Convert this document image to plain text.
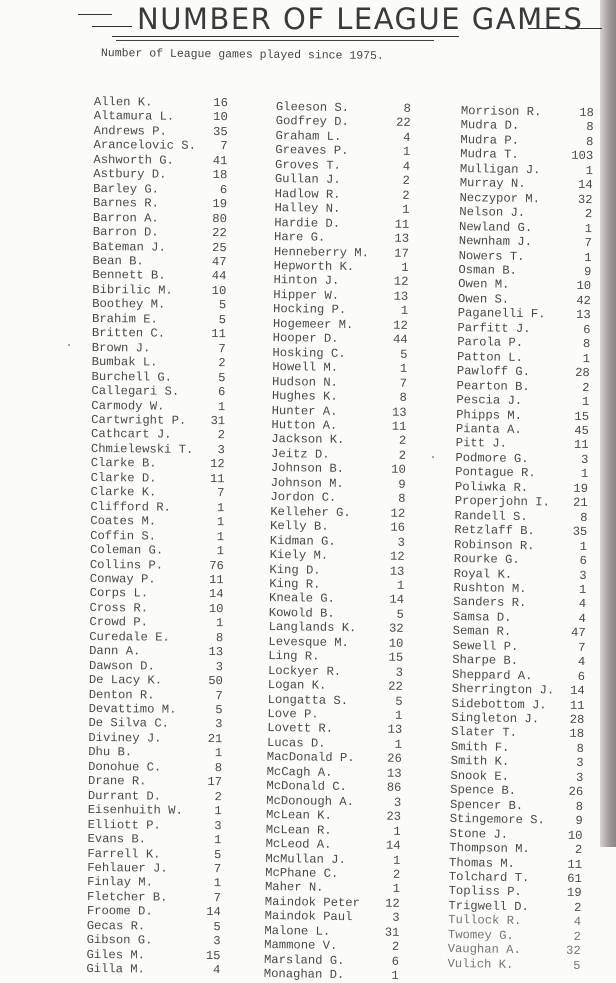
NUMBER OF LEAGUE GAMES
Number of League games played since 1975.
Allen K.	16
Altamura L.	10
Andrews P.	35
Arancelovic S. 7
Ashworth G.	41
Astbury D.	18
Barley G.	6
Barnes R.	19
Barron A.	80
Barron D.	22
Bateman J.	25
Bean B.	47
Bennett B.	44
Bibrilic M.	10
Boothey M.	5
Brahim E.	5
Britten C.	11
Brown J.	7
Bumbak L.	2
Burchell G.	5
Callegari S.	6
Carmody W.	1
Cartwright P. 31
Cathcart J.	2
Chmielewski T. 3
Clarke B.	12
Clarke D.	11
Clarke K.	7
Clifford R.	1
Coates M.	1
Coffin S.	1
Coleman G.	1
Collins P.	76
Conway P.	11
Corps L.	14
Cross R.	10
Crowd P.	1
Curedale E.	8
Dann A.	13
Dawson D.	3
De Lacy K.	50
Denton R.	7
Devattimo M.	5
De Silva C.	3
Diviney J.	21
Dhu B.	1
Donohue C.	8
Drane R.	17
Durrant D.	2
Eisenhuith W.	1
Elliott P.	3
Evans B.	1
Farrell K.	5
Fehlauer J.	7
Finlay M.	1
Fletcher B.	7
Froome D.	14
Gecas R.	5
Gibson G.	3
Giles M.	15
Gilla M.	4
Gleeson S.	8
Godfrey D.	22
Graham L.	4
Greaves P.	1
Groves T.	4
Gullan J.	2
Hadlow R.	2
Halley N.	1
Hardie D.	11
Hare G.	13
Henneberry M. 17
Hepworth K.	1
Hinton J.	12
Hipper W.	13
Hocking P.	1
Hogemeer M.	12
Hooper D.	44
Hosking C.	5
Howell M.	1
Hudson N.	7
Hughes K.	8
Hunter A.	13
Hutton A.	11
Jackson K.	2
Jeitz D.	2
Johnson B.	10
Johnson M.	9
Jordon C.	8
Kelleher G.	12
Kelly B.	16
Kidman G.	3
Kiely M.	12
King D.	13
King R.	1
Kneale G.	14
Kowold B.	5
Langlands K.	32
Levesque M.	10
Ling R.	15
Lockyer R.	3
Logan K.	22
Longatta S.	5
Love P.	1
Lovett R.	13
Lucas D.	1
MacDonald P.	26
McCagh A.	13
McDonald C.	86
McDonough A.	3
McLean K.	23
McLean R.	1
McLeod A.	14
McMullan J.	1
McPhane C.	2
Maher N.	1
Maindok Peter 12
Maindok Paul	3
Malone L.	31
Mammone V.	2
Marsland G.	6
Monaghan D.	1
Morrison R.	18
Mudra D.	8
Mudra P.	8
Mudra T.	103
Mulligan J.	1
Murray N.	14
Neczypor M.	32
Nelson J.	2
Newland G.	1
Newnham J.	7
Nowers T.	1
Osman B.	9
Owen M.	10
Owen S.	42
Paganelli F. 13
Parfitt J.	6
Parola P.	8
Patton L.	1
Pawloff G.	28
Pearton B.	2
Pescia J.	1
Phipps M.	15
Pianta A.	45
Pitt J.	11
Podmore G.	3
Pontague R.	1
Poliwka R.	19
Properjohn I. 21
Randell S.	8
Retzlaff B.	35
Robinson R.	1
Rourke G.	6
Royal K.	3
Rushton M.	1
Sanders R.	4
Samsa D.	4
Seman R.	47
Sewell P.	7
Sharpe B.	4
Sheppard A.	6
Sherrington J. 14
Sidebottom J. 11
Singleton J. 28
Slater T.	18
Smith F.	8
Smith K.	3
Snook E.	3
Spence B.	26
Spencer B.	8
Stingemore S. 9
Stone J.	10
Thompson M.	2
Thomas M.	11
Tolchard T.	61
Topliss P.	19
Trigwell D.	2
Tullock R.	4
Twomey G.	2
Vaughan A.	32
Vulich K.	5
